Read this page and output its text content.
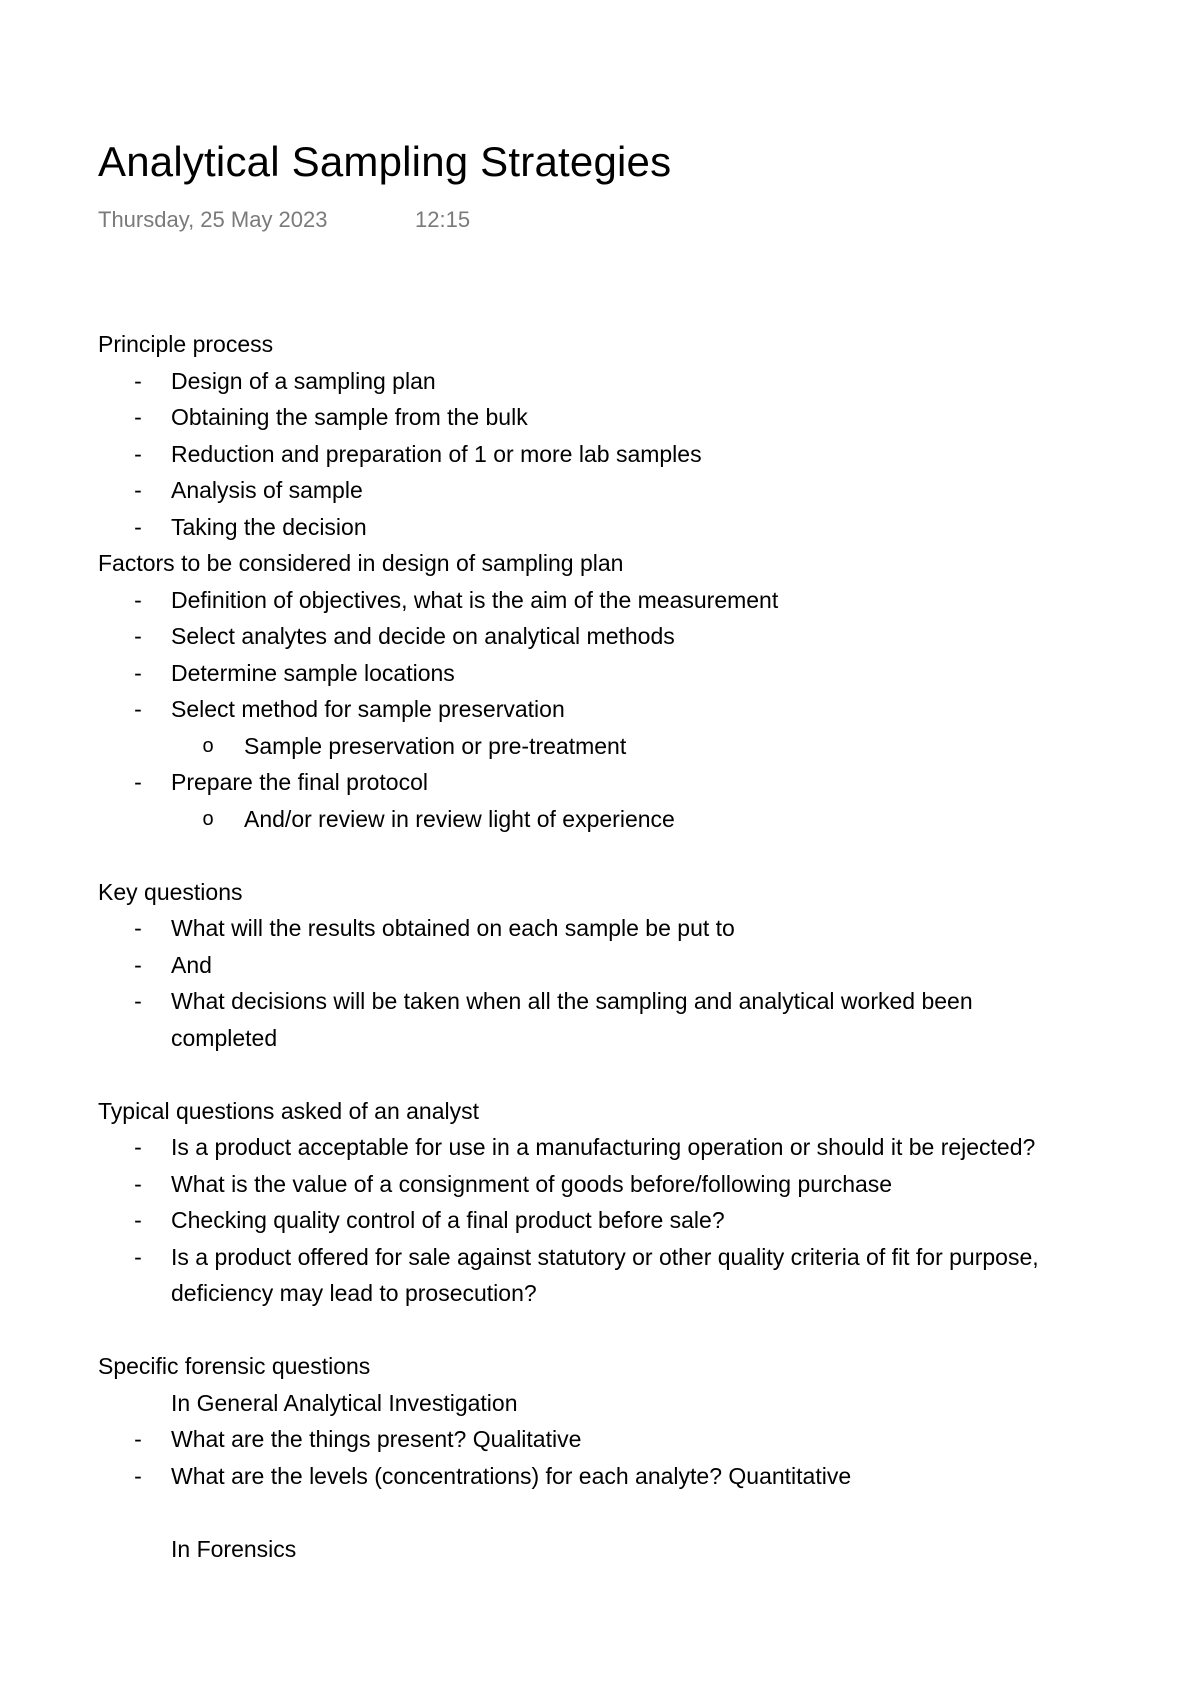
Analytical Sampling Strategies
Thursday, 25 May 2023	12:15

Principle process

- Design of a sampling plan
- Obtaining the sample from the bulk
- Reduction and preparation of 1 or more lab samples
- Analysis of sample
- Taking the decision

Factors to be considered in design of sampling plan

- Definition of objectives, what is the aim of the measurement
- Select analytes and decide on analytical methods
- Determine sample locations
- Select method for sample preservation
o Sample preservation or pre-treatment
- Prepare the final protocol
o And/or review in review light of experience

Key questions

- What will the results obtained on each sample be put to
- And
- What decisions will be taken when all the sampling and analytical worked been completed

Typical questions asked of an analyst

- Is a product acceptable for use in a manufacturing operation or should it be rejected?
- What is the value of a consignment of goods before/following purchase
- Checking quality control of a final product before sale?
- Is a product offered for sale against statutory or other quality criteria of fit for purpose, deficiency may lead to prosecution?

Specific forensic questions

In General Analytical Investigation

- What are the things present? Qualitative
- What are the levels (concentrations) for each analyte? Quantitative

In Forensics
